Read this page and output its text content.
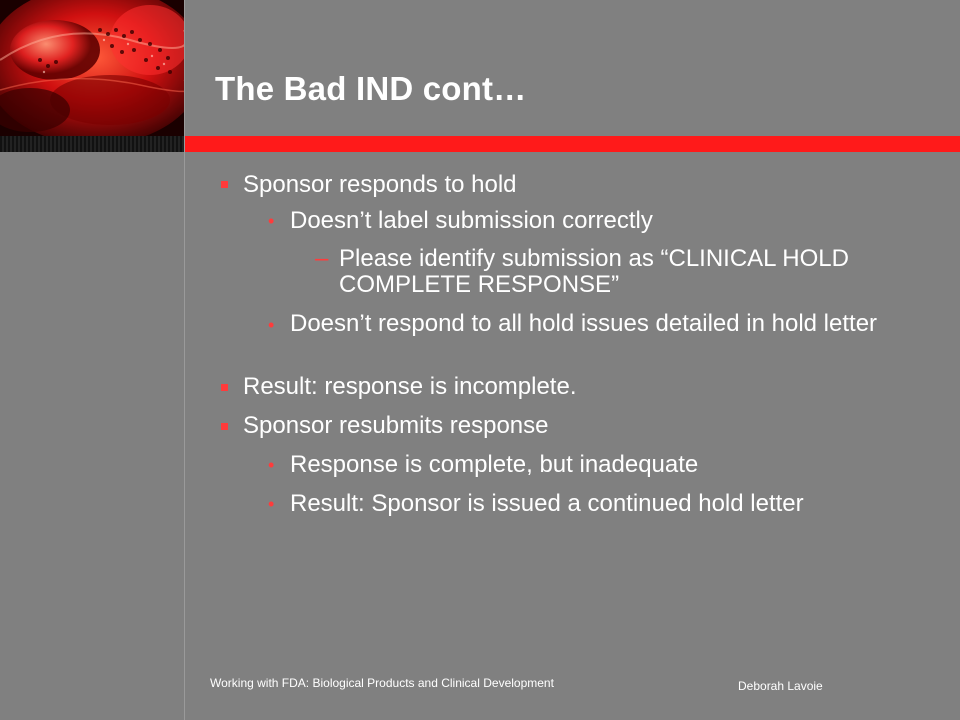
The Bad IND cont…
Sponsor responds to hold
• Doesn’t label submission correctly
– Please identify submission as “CLINICAL HOLD COMPLETE RESPONSE”
• Doesn’t respond to all hold issues detailed in hold letter
Result: response is incomplete.
Sponsor resubmits response
• Response is complete, but inadequate
• Result: Sponsor is issued a continued hold letter
Working with FDA: Biological Products and Clinical Development	Deborah Lavoie
